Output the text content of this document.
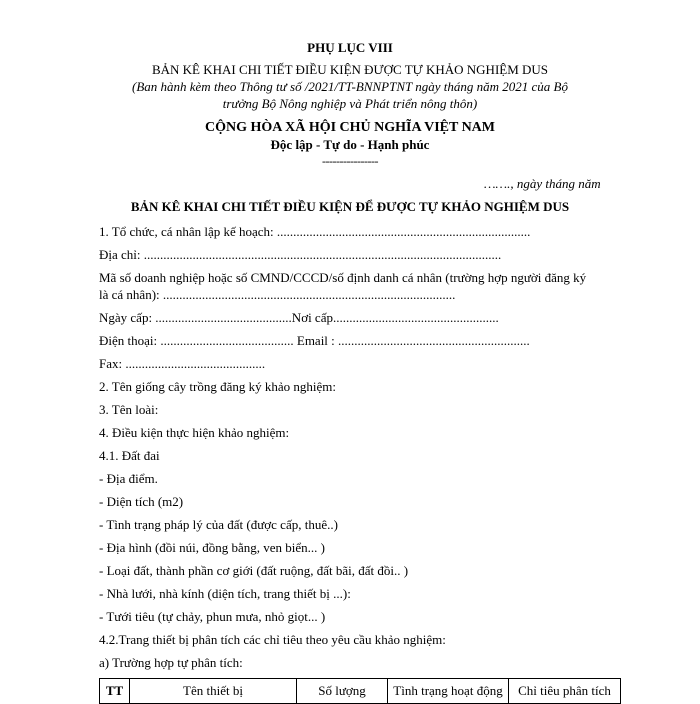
PHỤ LỤC VIII
BẢN KÊ KHAI CHI TIẾT ĐIỀU KIỆN ĐƯỢC TỰ KHẢO NGHIỆM DUS
(Ban hành kèm theo Thông tư số /2021/TT-BNNPTNT ngày tháng năm 2021 của Bộ
trưởng Bộ Nông nghiệp và Phát triển nông thôn)
CỘNG HÒA XÃ HỘI CHỦ NGHĨA VIỆT NAM
Độc lập - Tự do - Hạnh phúc
----------------
……., ngày tháng năm
BẢN KÊ KHAI CHI TIẾT ĐIỀU KIỆN ĐỂ ĐƯỢC TỰ KHẢO NGHIỆM DUS
1. Tổ chức, cá nhân lập kế hoạch: ..............................................................................
Địa chỉ: ..............................................................................................................
Mã số doanh nghiệp hoặc số CMND/CCCD/số định danh cá nhân (trường hợp người đăng ký
là cá nhân): ..........................................................................................
Ngày cấp: ..........................................Nơi cấp...................................................
Điện thoại: ......................................... Email : ...........................................................
Fax: ...........................................
2. Tên giống cây trồng đăng ký khảo nghiệm:
3. Tên loài:
4. Điều kiện thực hiện khảo nghiệm:
4.1. Đất đai
- Địa điểm.
- Diện tích (m2)
- Tình trạng pháp lý của đất (được cấp, thuê..)
- Địa hình (đồi núi, đồng bằng, ven biển... )
- Loại đất, thành phần cơ giới (đất ruộng, đất bãi, đất đồi.. )
- Nhà lưới, nhà kính (diện tích, trang thiết bị ...):
- Tưới tiêu (tự chảy, phun mưa, nhỏ giọt... )
4.2.Trang thiết bị phân tích các chỉ tiêu theo yêu cầu khảo nghiệm:
a) Trường hợp tự phân tích:
TT	Tên thiết bị	Số lượng	Tình trạng hoạt động	Chỉ tiêu phân tích
